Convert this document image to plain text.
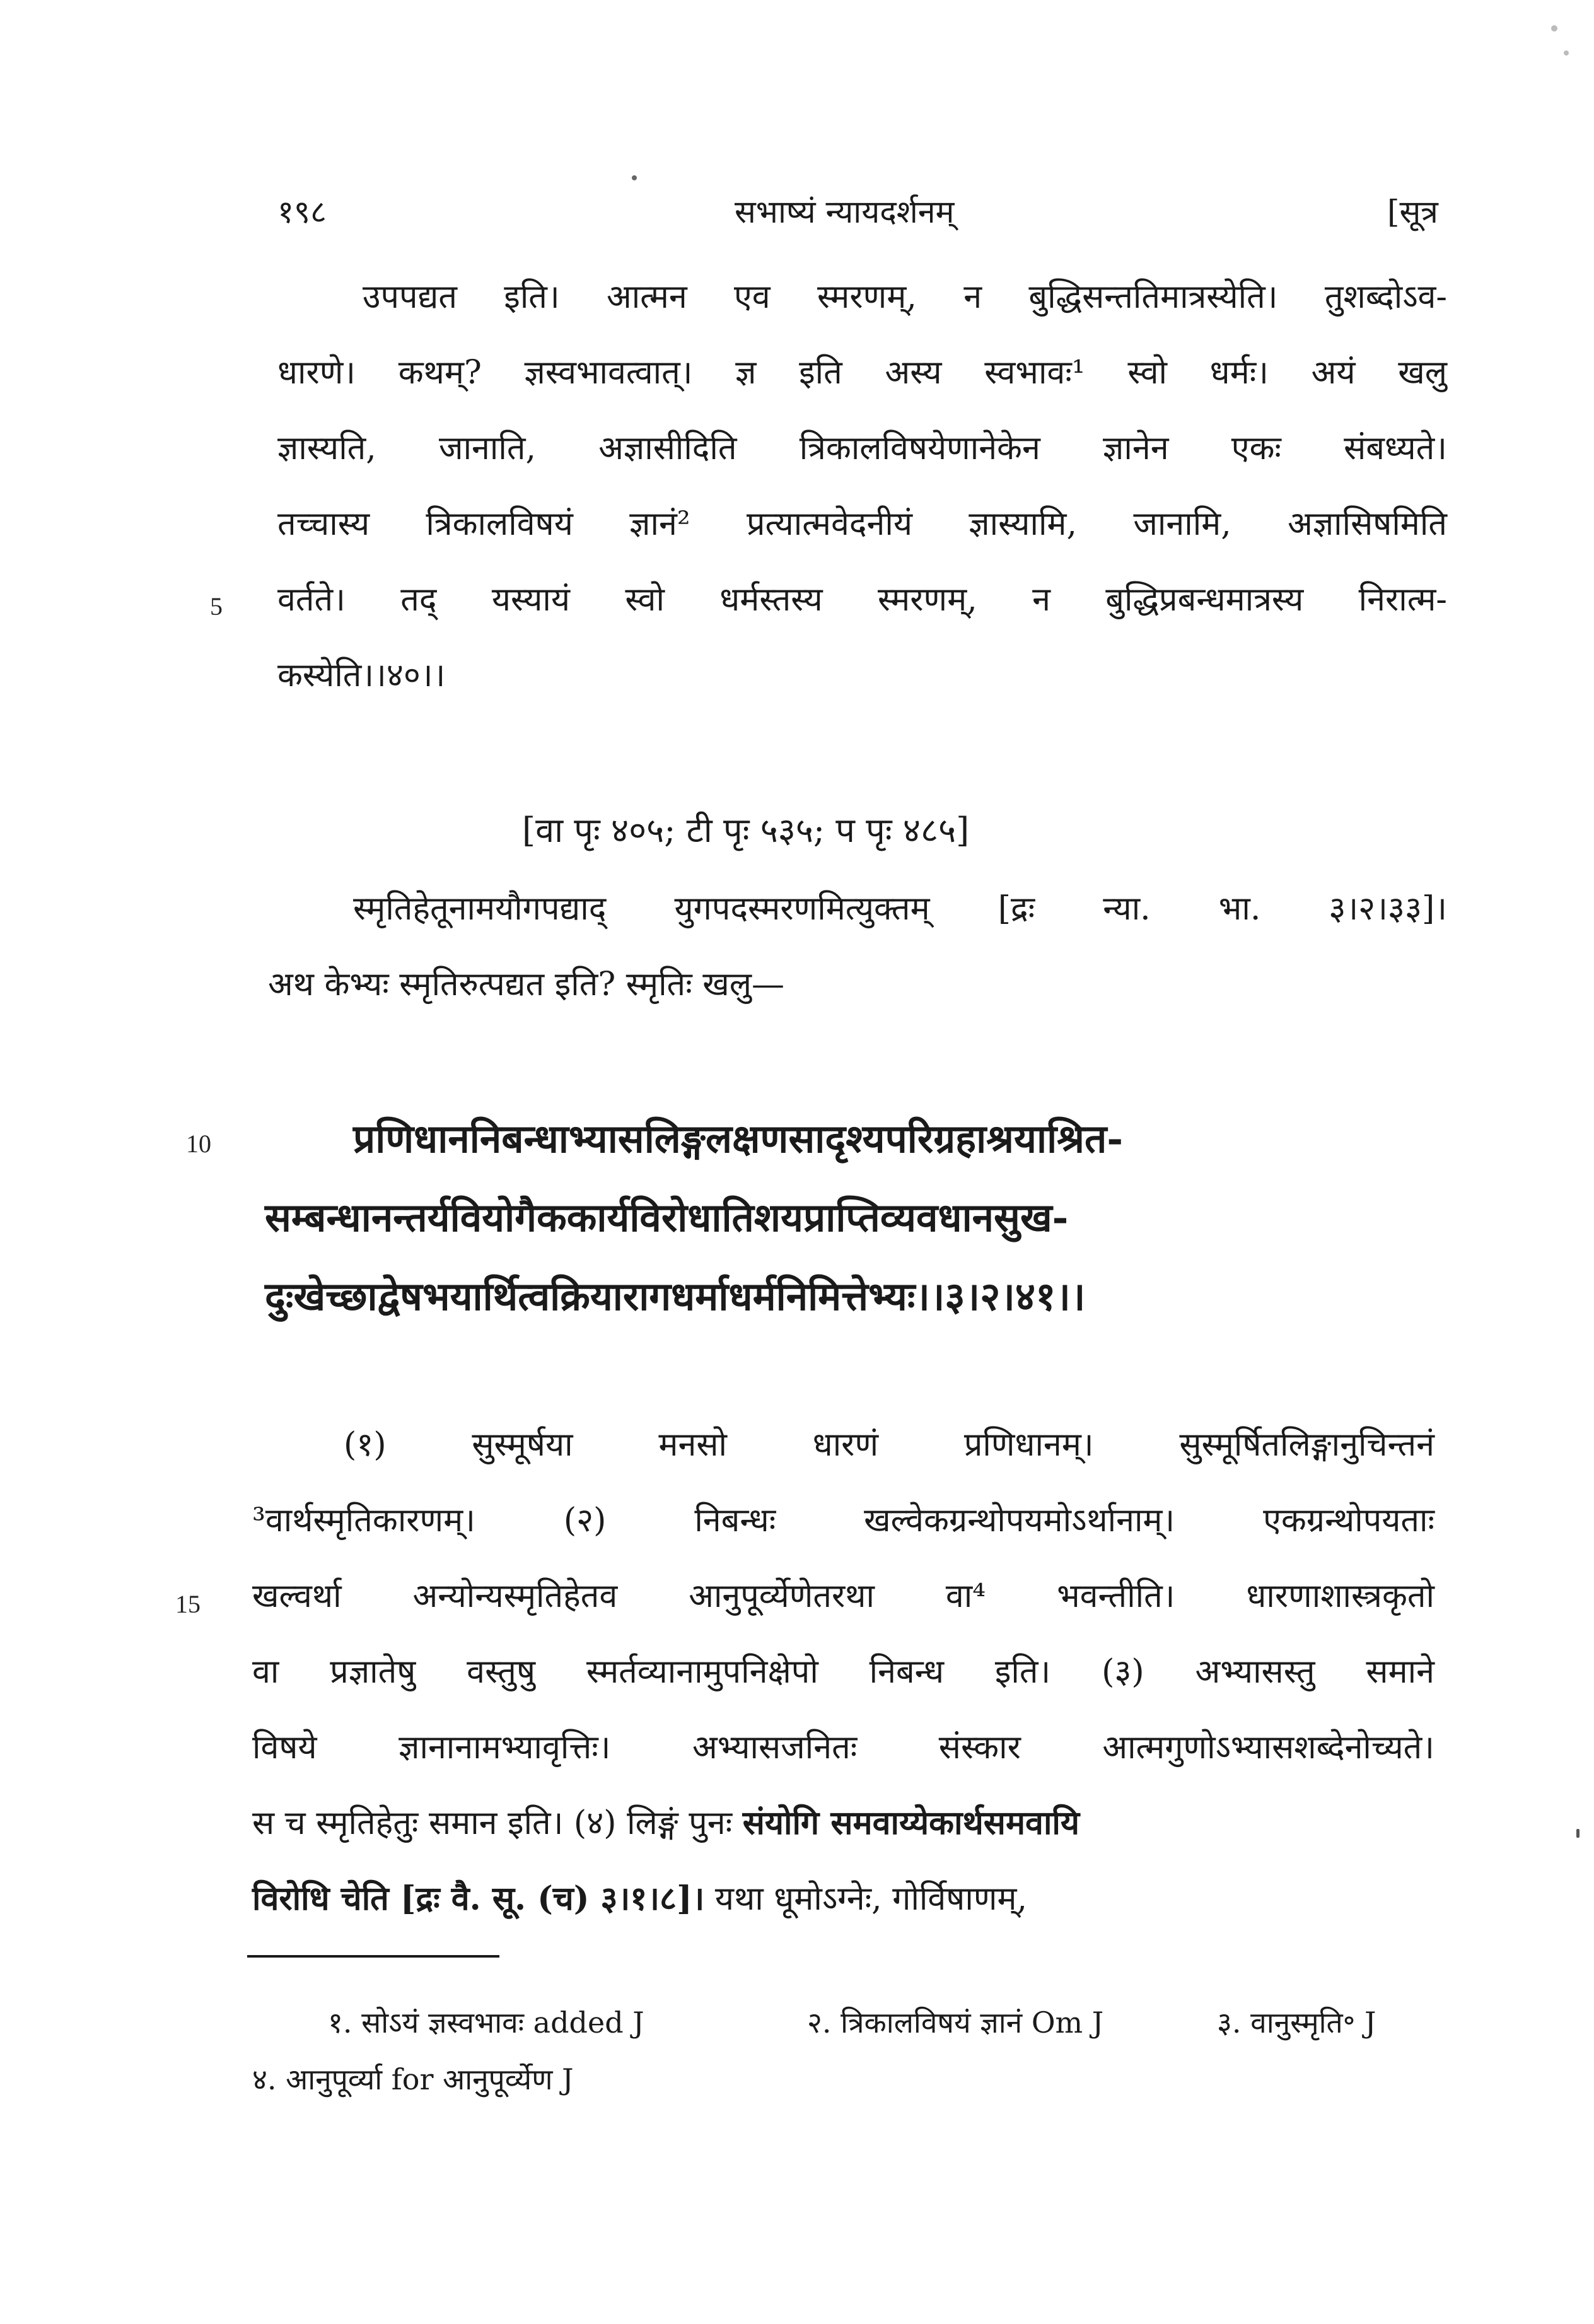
१९८	सभाष्यं न्यायदर्शनम्	[सूत्र
उपपद्यत इति। आत्मन एव स्मरणम्, न बुद्धिसन्ततिमात्रस्येति। तुशब्दोऽव-
धारणे। कथम्? ज्ञस्वभावत्वात्। ज्ञ इति अस्य स्वभावः¹ स्वो धर्मः। अयं खलु
ज्ञास्यति, जानाति, अज्ञासीदिति त्रिकालविषयेणानेकेन ज्ञानेन एकः संबध्यते।
तच्चास्य त्रिकालविषयं ज्ञानं² प्रत्यात्मवेदनीयं ज्ञास्यामि, जानामि, अज्ञासिषमिति
वर्तते। तद् यस्यायं स्वो धर्मस्तस्य स्मरणम्, न बुद्धिप्रबन्धमात्रस्य निरात्म-
कस्येति।।४०।।
5
[वा पृः ४०५; टी पृः ५३५; प पृः ४८५]
स्मृतिहेतूनामयौगपद्याद् युगपदस्मरणमित्युक्तम् [द्रः न्या. भा. ३।२।३३]।
अथ केभ्यः स्मृतिरुत्पद्यत इति? स्मृतिः खलु—
प्रणिधाननिबन्धाभ्यासलिङ्गलक्षणसादृश्यपरिग्रहाश्रयाश्रित-
सम्बन्धानन्तर्यवियोगैककार्यविरोधातिशयप्राप्तिव्यवधानसुख-
दुःखेच्छाद्वेषभयार्थित्वक्रियारागधर्माधर्मनिमित्तेभ्यः।।३।२।४१।।
10
(१) सुस्मूर्षया मनसो धारणं प्रणिधानम्। सुस्मूर्षितलिङ्गानुचिन्तनं
³वार्थस्मृतिकारणम्। (२) निबन्धः खल्वेकग्रन्थोपयमोऽर्थानाम्। एकग्रन्थोपयताः
खल्वर्था अन्योन्यस्मृतिहेतव आनुपूर्व्येणेतरथा वा⁴ भवन्तीति। धारणाशास्त्रकृतो
वा प्रज्ञातेषु वस्तुषु स्मर्तव्यानामुपनिक्षेपो निबन्ध इति। (३) अभ्यासस्तु समाने
विषये ज्ञानानामभ्यावृत्तिः। अभ्यासजनितः संस्कार आत्मगुणोऽभ्यासशब्देनोच्यते।
स च स्मृतिहेतुः समान इति। (४) लिङ्गं पुनः संयोगि समवाय्येकार्थसमवायि
विरोधि चेति [द्रः वै. सू. (च) ३।१।८]। यथा धूमोऽग्नेः, गोर्विषाणम्,
15
१. सोऽयं ज्ञस्वभावः added J	२. त्रिकालविषयं ज्ञानं Om J	३. वानुस्मृति॰ J
४. आनुपूर्व्या for आनुपूर्व्येण J
